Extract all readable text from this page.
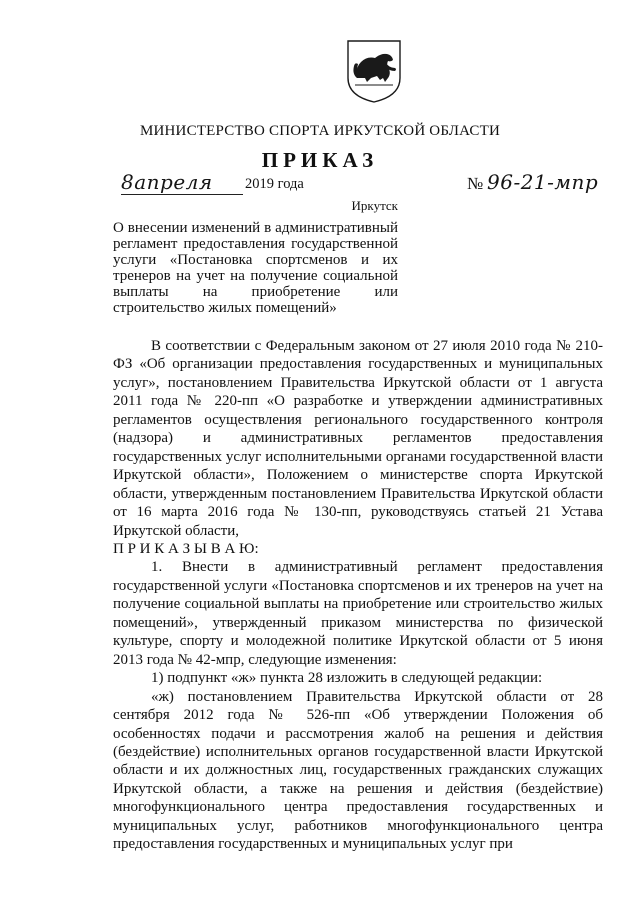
МИНИСТЕРСТВО СПОРТА ИРКУТСКОЙ ОБЛАСТИ
ПРИКАЗ
8апреля	2019 года	№ 96-21-мпр
Иркутск
О внесении изменений в административный регламент предоставления государственной услуги «Постановка спортсменов и их тренеров на учет на получение социальной выплаты на приобретение или строительство жилых помещений»

В соответствии с Федеральным законом от 27 июля 2010 года № 210-ФЗ «Об организации предоставления государственных и муниципальных услуг», постановлением Правительства Иркутской области от 1 августа 2011 года № 220-пп «О разработке и утверждении административных регламентов осуществления регионального государственного контроля (надзора) и административных регламентов предоставления государственных услуг исполнительными органами государственной власти Иркутской области», Положением о министерстве спорта Иркутской области, утвержденным постановлением Правительства Иркутской области от 16 марта 2016 года № 130-пп, руководствуясь статьей 21 Устава Иркутской области,

П Р И К А З Ы В А Ю:

1. Внести в административный регламент предоставления государственной услуги «Постановка спортсменов и их тренеров на учет на получение социальной выплаты на приобретение или строительство жилых помещений», утвержденный приказом министерства по физической культуре, спорту и молодежной политике Иркутской области от 5 июня 2013 года № 42-мпр, следующие изменения:

1) подпункт «ж» пункта 28 изложить в следующей редакции:

«ж) постановлением Правительства Иркутской области от 28 сентября 2012 года № 526-пп «Об утверждении Положения об особенностях подачи и рассмотрения жалоб на решения и действия (бездействие) исполнительных органов государственной власти Иркутской области и их должностных лиц, государственных гражданских служащих Иркутской области, а также на решения и действия (бездействие) многофункционального центра предоставления государственных и муниципальных услуг, работников многофункционального центра предоставления государственных и муниципальных услуг при
